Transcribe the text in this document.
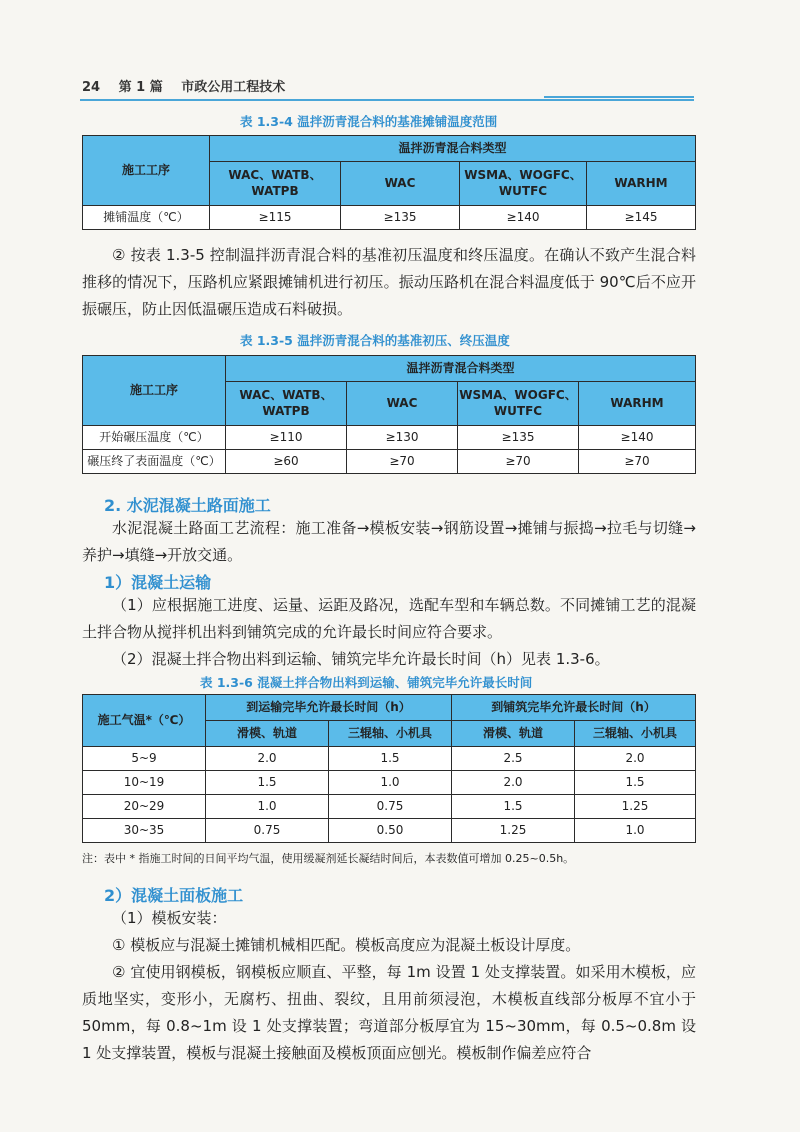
24 第 1 篇 市政公用工程技术
表 1.3-4 温拌沥青混合料的基准摊铺温度范围
施工工序	温拌沥青混合料类型			
	WAC、WATB、WATPB	WAC	WSMA、WOGFC、WUTFC	WARHM
摊铺温度（℃）	≥115	≥135	≥140	≥145
② 按表 1.3-5 控制温拌沥青混合料的基准初压温度和终压温度。在确认不致产生混合料推移的情况下，压路机应紧跟摊铺机进行初压。振动压路机在混合料温度低于 90℃后不应开振碾压，防止因低温碾压造成石料破损。
表 1.3-5 温拌沥青混合料的基准初压、终压温度
施工工序	温拌沥青混合料类型			
	WAC、WATB、WATPB	WAC	WSMA、WOGFC、WUTFC	WARHM
开始碾压温度（℃）	≥110	≥130	≥135	≥140
碾压终了表面温度（℃）	≥60	≥70	≥70	≥70
2. 水泥混凝土路面施工
水泥混凝土路面工艺流程：施工准备→模板安装→钢筋设置→摊铺与振捣→拉毛与切缝→养护→填缝→开放交通。
1）混凝土运输
（1）应根据施工进度、运量、运距及路况，选配车型和车辆总数。不同摊铺工艺的混凝土拌合物从搅拌机出料到铺筑完成的允许最长时间应符合要求。
（2）混凝土拌合物出料到运输、铺筑完毕允许最长时间（h）见表 1.3-6。
表 1.3-6 混凝土拌合物出料到运输、铺筑完毕允许最长时间
施工气温*（℃）	到运输完毕允许最长时间（h）		到铺筑完毕允许最长时间（h）	
	滑模、轨道	三辊轴、小机具	滑模、轨道	三辊轴、小机具
5~9	2.0	1.5	2.5	2.0
10~19	1.5	1.0	2.0	1.5
20~29	1.0	0.75	1.5	1.25
30~35	0.75	0.50	1.25	1.0
注：表中 * 指施工时间的日间平均气温，使用缓凝剂延长凝结时间后，本表数值可增加 0.25~0.5h。
2）混凝土面板施工
（1）模板安装：
① 模板应与混凝土摊铺机械相匹配。模板高度应为混凝土板设计厚度。
② 宜使用钢模板，钢模板应顺直、平整，每 1m 设置 1 处支撑装置。如采用木模板，应质地坚实，变形小，无腐朽、扭曲、裂纹，且用前须浸泡，木模板直线部分板厚不宜小于 50mm，每 0.8~1m 设 1 处支撑装置；弯道部分板厚宜为 15~30mm，每 0.5~0.8m 设 1 处支撑装置，模板与混凝土接触面及模板顶面应刨光。模板制作偏差应符合
